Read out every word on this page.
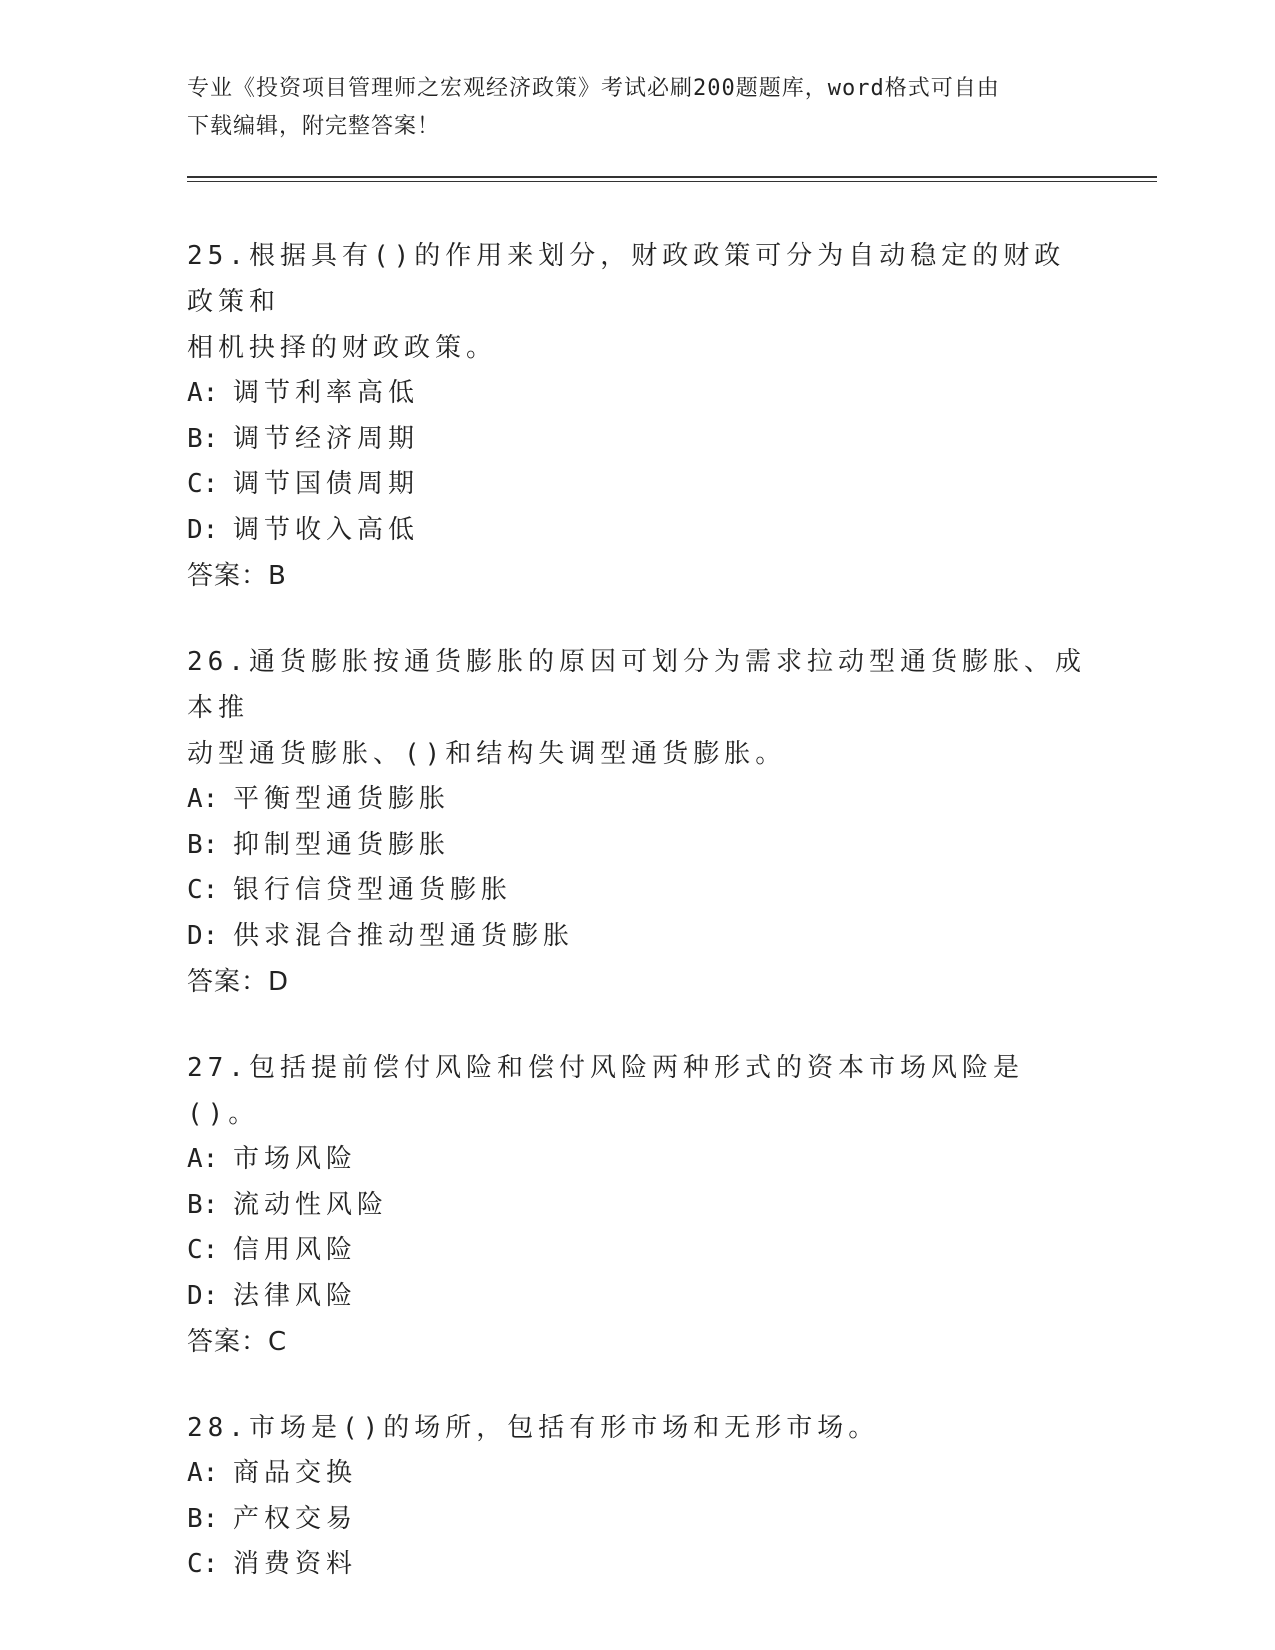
专业《投资项目管理师之宏观经济政策》考试必刷200题题库，word格式可自由
下载编辑，附完整答案！

25.根据具有()的作用来划分，财政政策可分为自动稳定的财政政策和
相机抉择的财政政策。

A: 调节利率高低

B: 调节经济周期

C: 调节国债周期

D: 调节收入高低

答案：B

26.通货膨胀按通货膨胀的原因可划分为需求拉动型通货膨胀、成本推
动型通货膨胀、()和结构失调型通货膨胀。

A: 平衡型通货膨胀

B: 抑制型通货膨胀

C: 银行信贷型通货膨胀

D: 供求混合推动型通货膨胀

答案：D

27.包括提前偿付风险和偿付风险两种形式的资本市场风险是()。

A: 市场风险

B: 流动性风险

C: 信用风险

D: 法律风险

答案：C

28.市场是()的场所，包括有形市场和无形市场。

A: 商品交换

B: 产权交易

C: 消费资料
